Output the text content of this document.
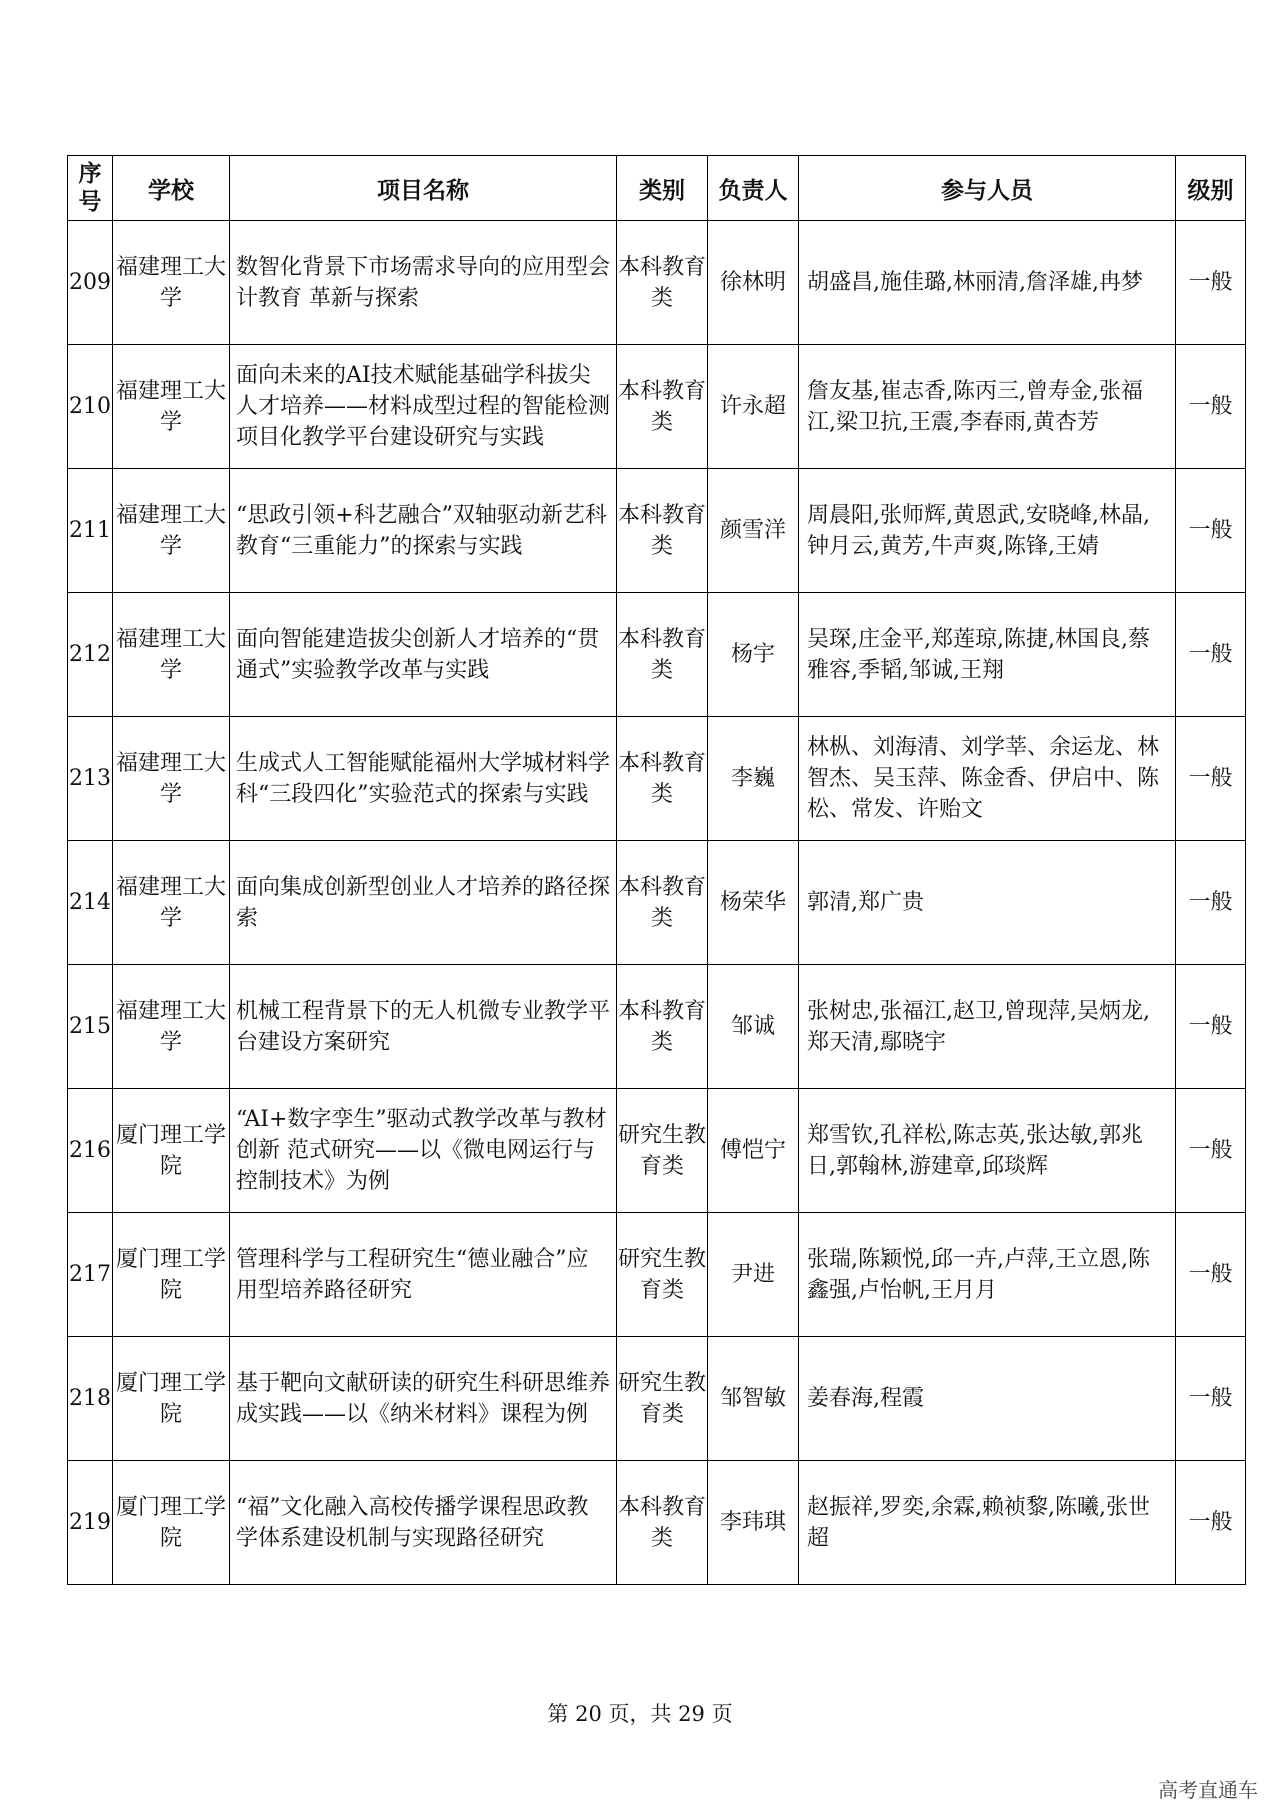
序号	学校	项目名称	类别	负责人	参与人员	级别
209	福建理工大学	数智化背景下市场需求导向的应用型会计教育 革新与探索	本科教育类	徐林明	胡盛昌,施佳璐,林丽清,詹泽雄,冉梦	一般
210	福建理工大学	面向未来的AI技术赋能基础学科拔尖人才培养——材料成型过程的智能检测项目化教学平台建设研究与实践	本科教育类	许永超	詹友基,崔志香,陈丙三,曾寿金,张福江,梁卫抗,王震,李春雨,黄杏芳	一般
211	福建理工大学	“思政引领+科艺融合”双轴驱动新艺科教育“三重能力”的探索与实践	本科教育类	颜雪洋	周晨阳,张师辉,黄恩武,安晓峰,林晶,钟月云,黄芳,牛声爽,陈锋,王婧	一般
212	福建理工大学	面向智能建造拔尖创新人才培养的“贯通式”实验教学改革与实践	本科教育类	杨宇	吴琛,庄金平,郑莲琼,陈捷,林国良,蔡雅容,季韬,邹诚,王翔	一般
213	福建理工大学	生成式人工智能赋能福州大学城材料学科“三段四化”实验范式的探索与实践	本科教育类	李巍	林枞、刘海清、刘学莘、余运龙、林智杰、吴玉萍、陈金香、伊启中、陈松、常发、许贻文	一般
214	福建理工大学	面向集成创新型创业人才培养的路径探索	本科教育类	杨荣华	郭清,郑广贵	一般
215	福建理工大学	机械工程背景下的无人机微专业教学平台建设方案研究	本科教育类	邹诚	张树忠,张福江,赵卫,曾现萍,吴炳龙,郑天清,鄢晓宇	一般
216	厦门理工学院	“AI+数字孪生”驱动式教学改革与教材创新 范式研究——以《微电网运行与控制技术》为例	研究生教育类	傅恺宁	郑雪钦,孔祥松,陈志英,张达敏,郭兆日,郭翰林,游建章,邱琰辉	一般
217	厦门理工学院	管理科学与工程研究生“德业融合”应用型培养路径研究	研究生教育类	尹进	张瑞,陈颖悦,邱一卉,卢萍,王立恩,陈鑫强,卢怡帆,王月月	一般
218	厦门理工学院	基于靶向文献研读的研究生科研思维养成实践——以《纳米材料》课程为例	研究生教育类	邹智敏	姜春海,程霞	一般
219	厦门理工学院	“福”文化融入高校传播学课程思政教学体系建设机制与实现路径研究	本科教育类	李玮琪	赵振祥,罗奕,余霖,赖祯黎,陈曦,张世超	一般
第 20 页，共 29 页
高考直通车
